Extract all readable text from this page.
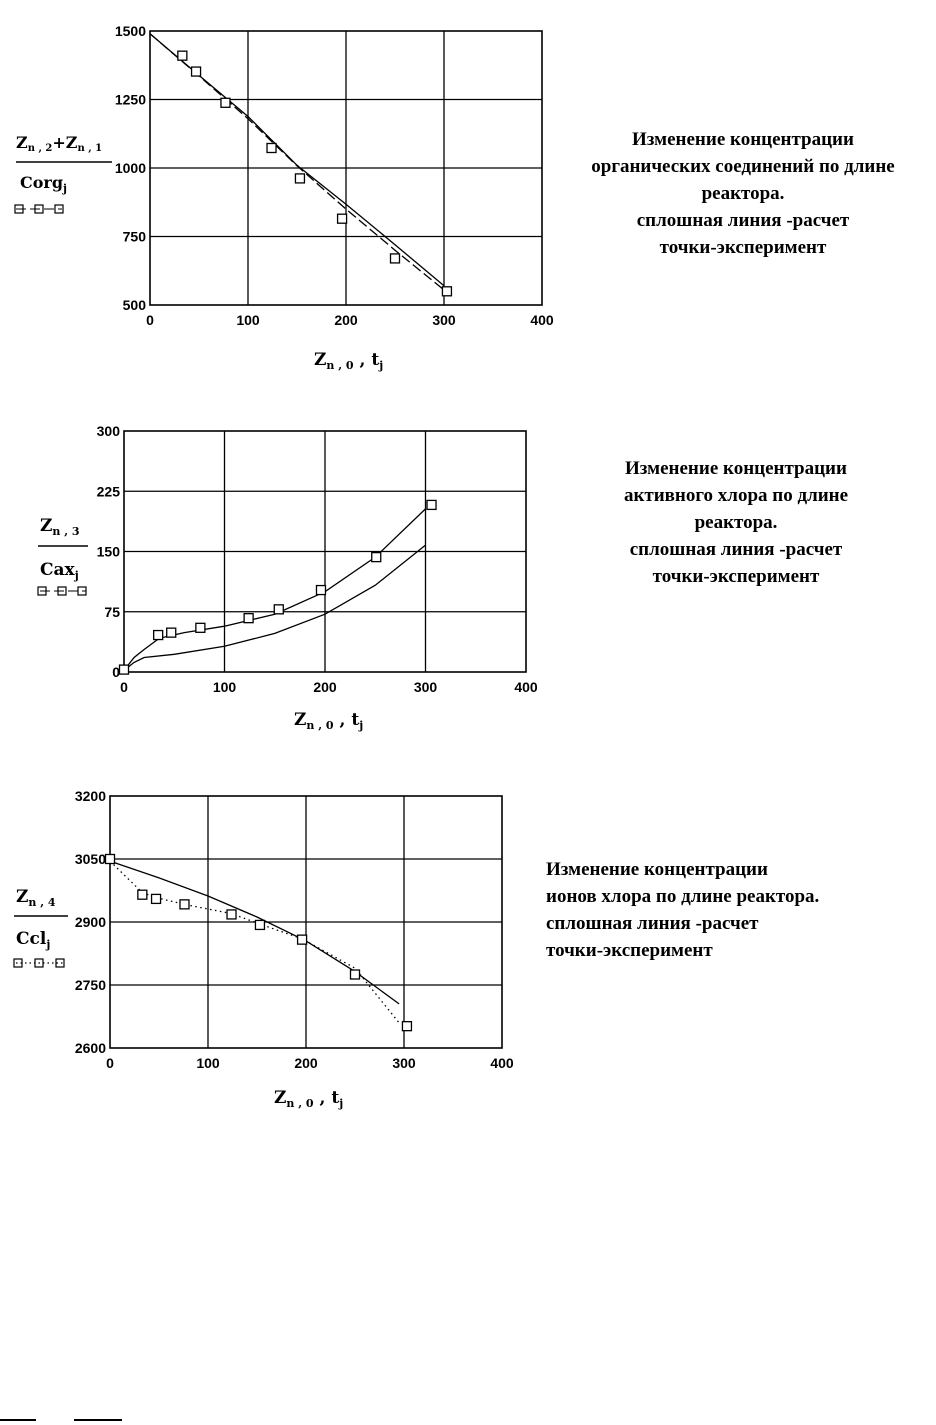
Zn , 2+Zn , 1
Corg$_j$
$Z_{n , 0}$ , $t_j$
0	100	200	300	400
500
750
1000
1250
1500
Изменение концентрации
органических соединений по длине
реактора.
сплошная линия -расчет
точки-эксперимент
$Z_{n , 3}$
Cax$_j$
$Z_{n , 0}$ , $t_j$
0	100	200	300	400
0
75
150
225
300
Изменение концентрации
активного хлора по длине
реактора.
сплошная линия -расчет
точки-эксперимент
$Z_{n , 4}$
Ccl$_j$
$Z_{n , 0}$ , $t_j$
0	100	200	300	400
2600
2750
2900
3050
3200
Изменение концентрации
ионов хлора по длине реактора.
сплошная линия -расчет
точки-эксперимент
